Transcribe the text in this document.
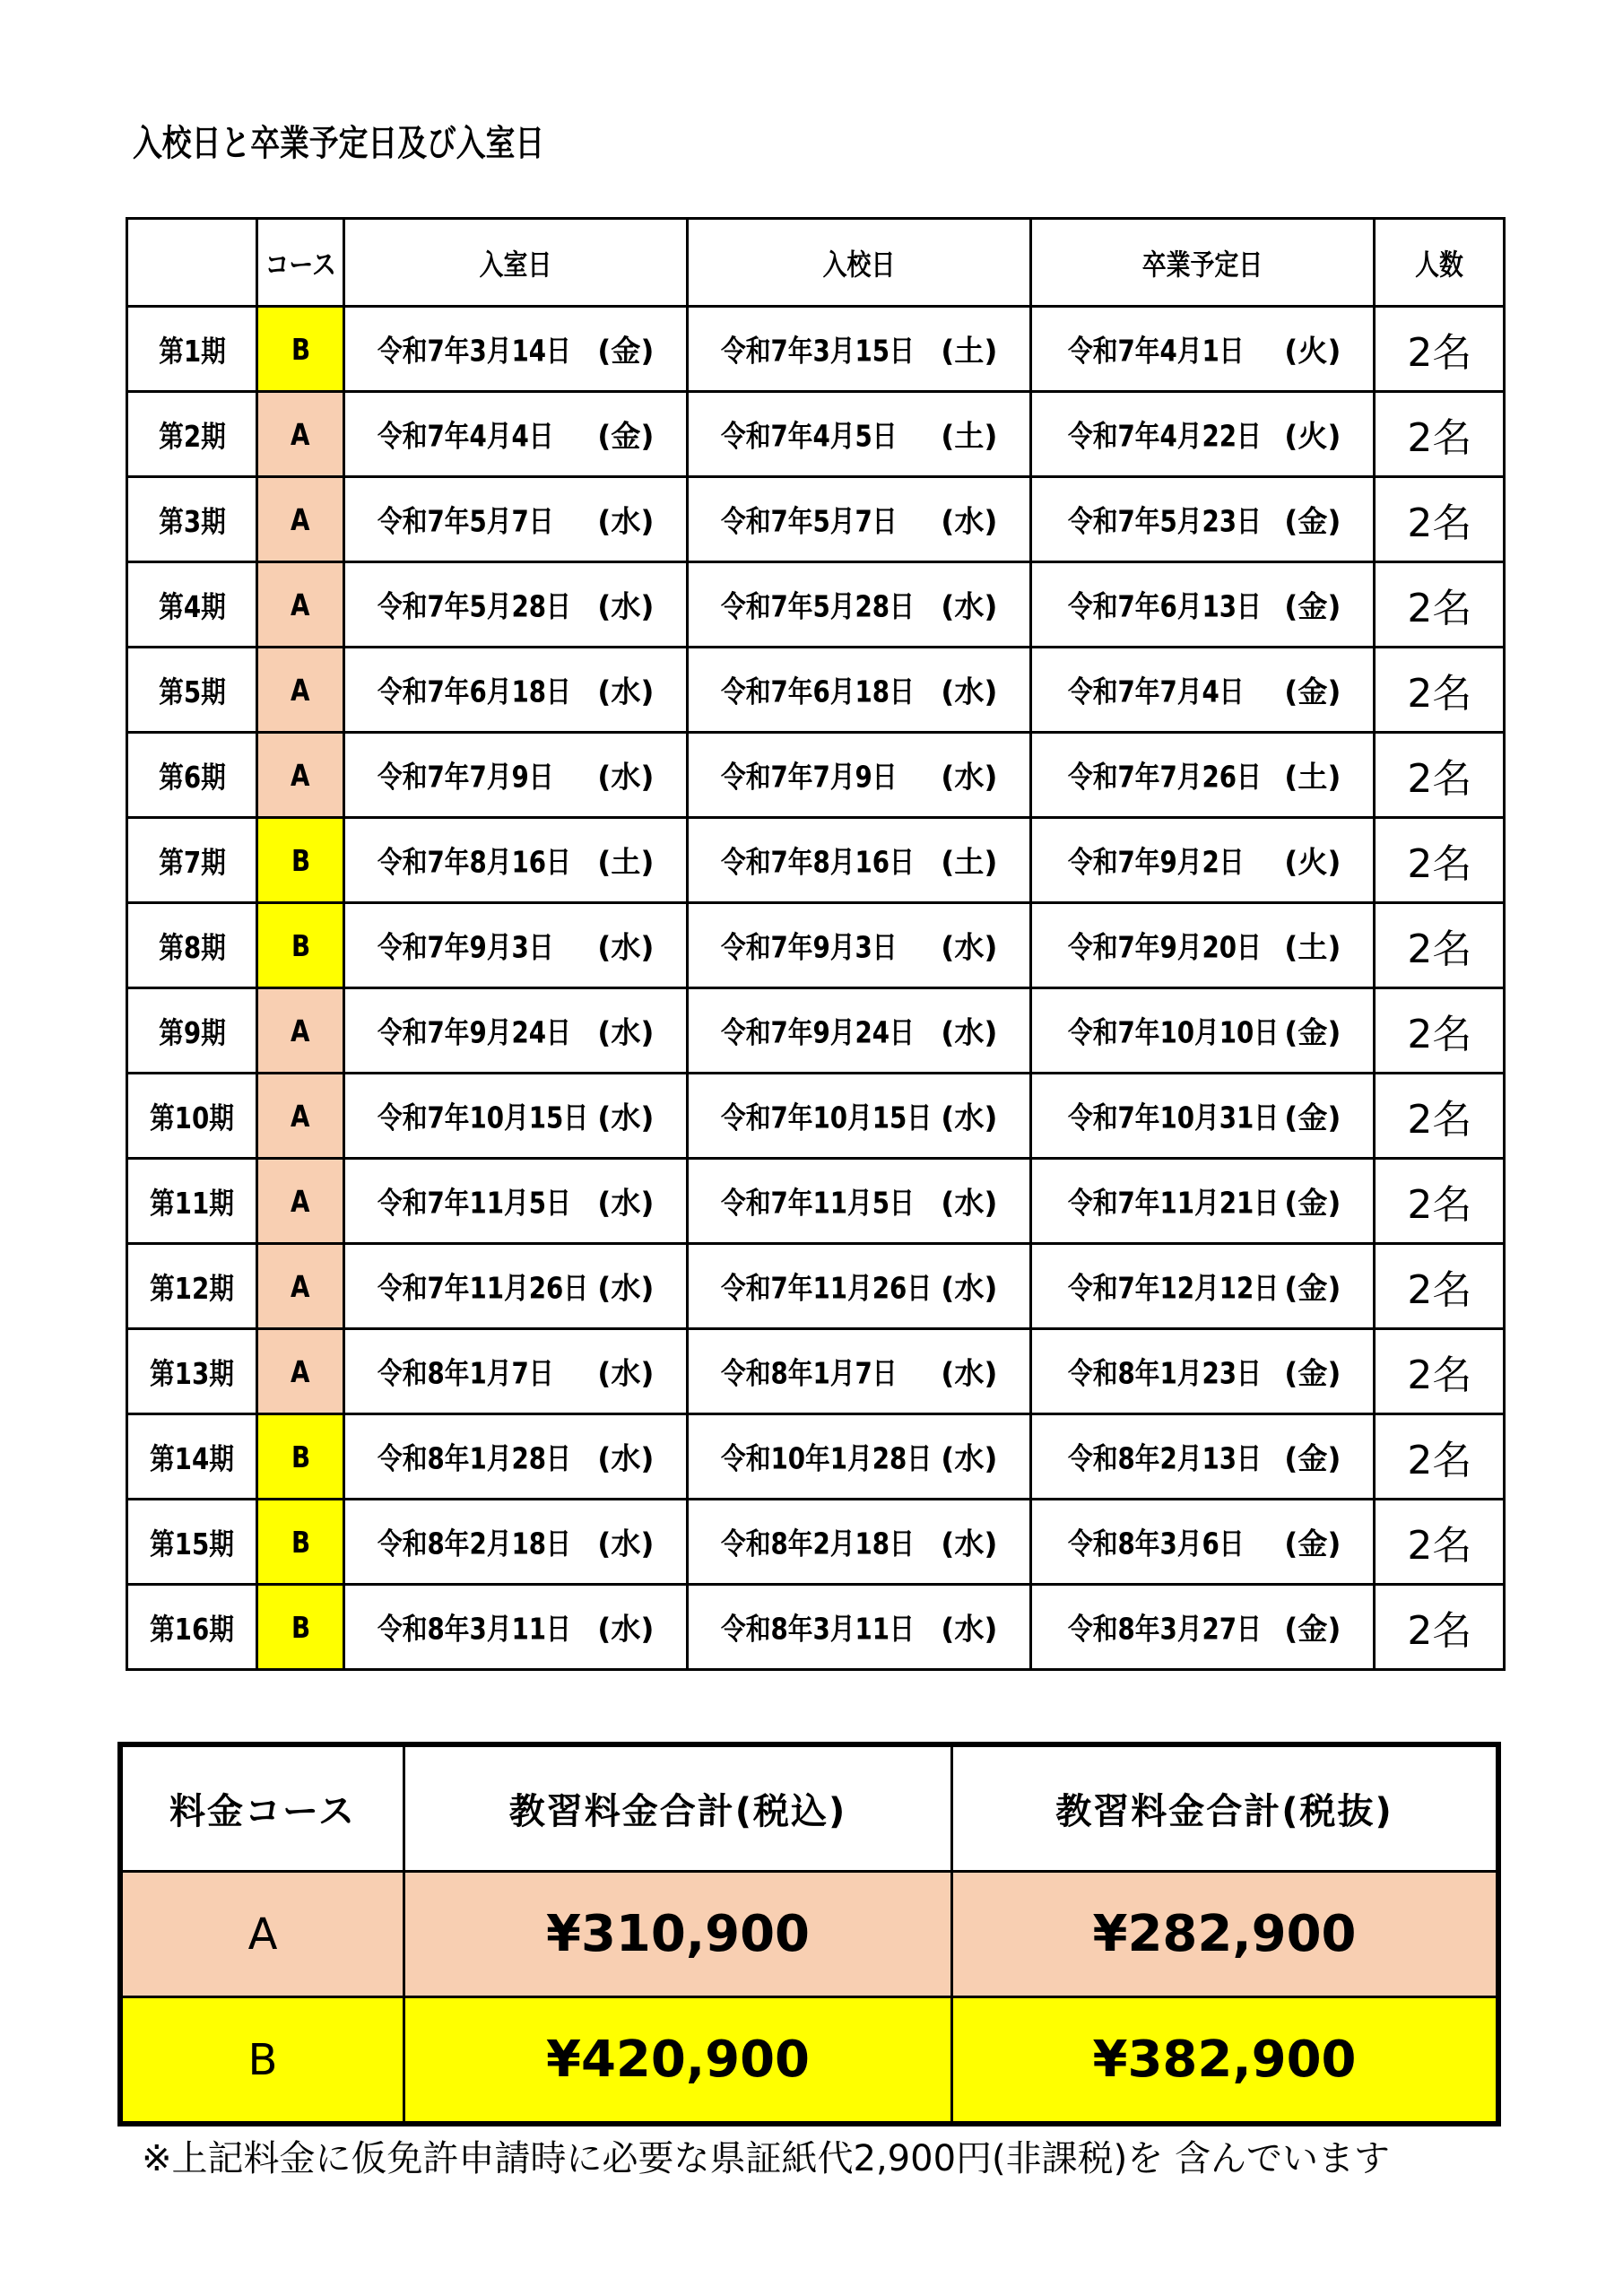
入校日と卒業予定日及び入室日
	コース	入室日	入校日	卒業予定日	人数
第1期	B	令和7年3月14日 (金)	令和7年3月15日 (土)	令和7年4月1日 (火)	2名
第2期	A	令和7年4月4日 (金)	令和7年4月5日 (土)	令和7年4月22日 (火)	2名
第3期	A	令和7年5月7日 (水)	令和7年5月7日 (水)	令和7年5月23日 (金)	2名
第4期	A	令和7年5月28日 (水)	令和7年5月28日 (水)	令和7年6月13日 (金)	2名
第5期	A	令和7年6月18日 (水)	令和7年6月18日 (水)	令和7年7月4日 (金)	2名
第6期	A	令和7年7月9日 (水)	令和7年7月9日 (水)	令和7年7月26日 (土)	2名
第7期	B	令和7年8月16日 (土)	令和7年8月16日 (土)	令和7年9月2日 (火)	2名
第8期	B	令和7年9月3日 (水)	令和7年9月3日 (水)	令和7年9月20日 (土)	2名
第9期	A	令和7年9月24日 (水)	令和7年9月24日 (水)	令和7年10月10日 (金)	2名
第10期	A	令和7年10月15日 (水)	令和7年10月15日 (水)	令和7年10月31日 (金)	2名
第11期	A	令和7年11月5日 (水)	令和7年11月5日 (水)	令和7年11月21日 (金)	2名
第12期	A	令和7年11月26日 (水)	令和7年11月26日 (水)	令和7年12月12日 (金)	2名
第13期	A	令和8年1月7日 (水)	令和8年1月7日 (水)	令和8年1月23日 (金)	2名
第14期	B	令和8年1月28日 (水)	令和10年1月28日 (水)	令和8年2月13日 (金)	2名
第15期	B	令和8年2月18日 (水)	令和8年2月18日 (水)	令和8年3月6日 (金)	2名
第16期	B	令和8年3月11日 (水)	令和8年3月11日 (水)	令和8年3月27日 (金)	2名
料金コース	教習料金合計(税込)	教習料金合計(税抜)
A	¥310,900	¥282,900
B	¥420,900	¥382,900
※上記料金に仮免許申請時に必要な県証紙代2,900円(非課税)を 含んでいます
